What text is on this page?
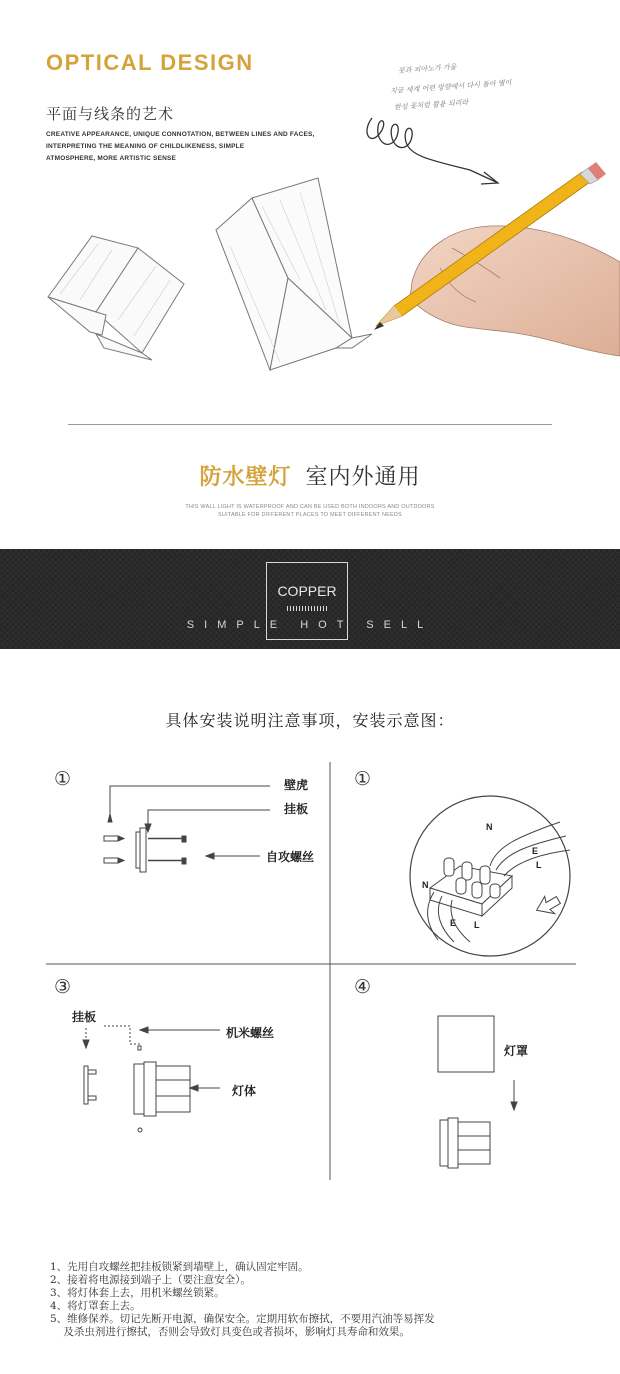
OPTICAL DESIGN
平面与线条的艺术
CREATIVE APPEARANCE, UNIQUE CONNOTATION, BETWEEN LINES AND FACES,
INTERPRETING THE MEANING OF CHILDLIKENESS, SIMPLE
ATMOSPHERE, MORE ARTISTIC SENSE
붓과 피아노가 가을
지금 세계 어떤 방향에서 다시 돌아 별이
한성 꽃처럼 활용 되리라
防水壁灯 室内外通用
THIS WALL LIGHT IS WATERPROOF AND CAN BE USED BOTH INDOORS AND OUTDOORS
SUITABLE FOR DIFFERENT PLACES TO MEET DIFFERENT NEEDS
COPPER
SIMPLE HOT SELL
具体安装说明注意事项，安装示意图：
①	壁虎
挂板
自攻螺丝
①
N
E
L
N
E L
③
挂板
机米螺丝
灯体
④
灯罩

1、先用自攻螺丝把挂板锁紧到墙壁上，确认固定牢固。

2、接着将电源接到端子上（要注意安全）。

3、将灯体套上去，用机米螺丝锁紧。

4、将灯罩套上去。

5、维修保养。切记先断开电源，确保安全。定期用软布擦拭，不要用汽油等易挥发

及杀虫剂进行擦拭，否则会导致灯具变色或者损坏，影响灯具寿命和效果。
